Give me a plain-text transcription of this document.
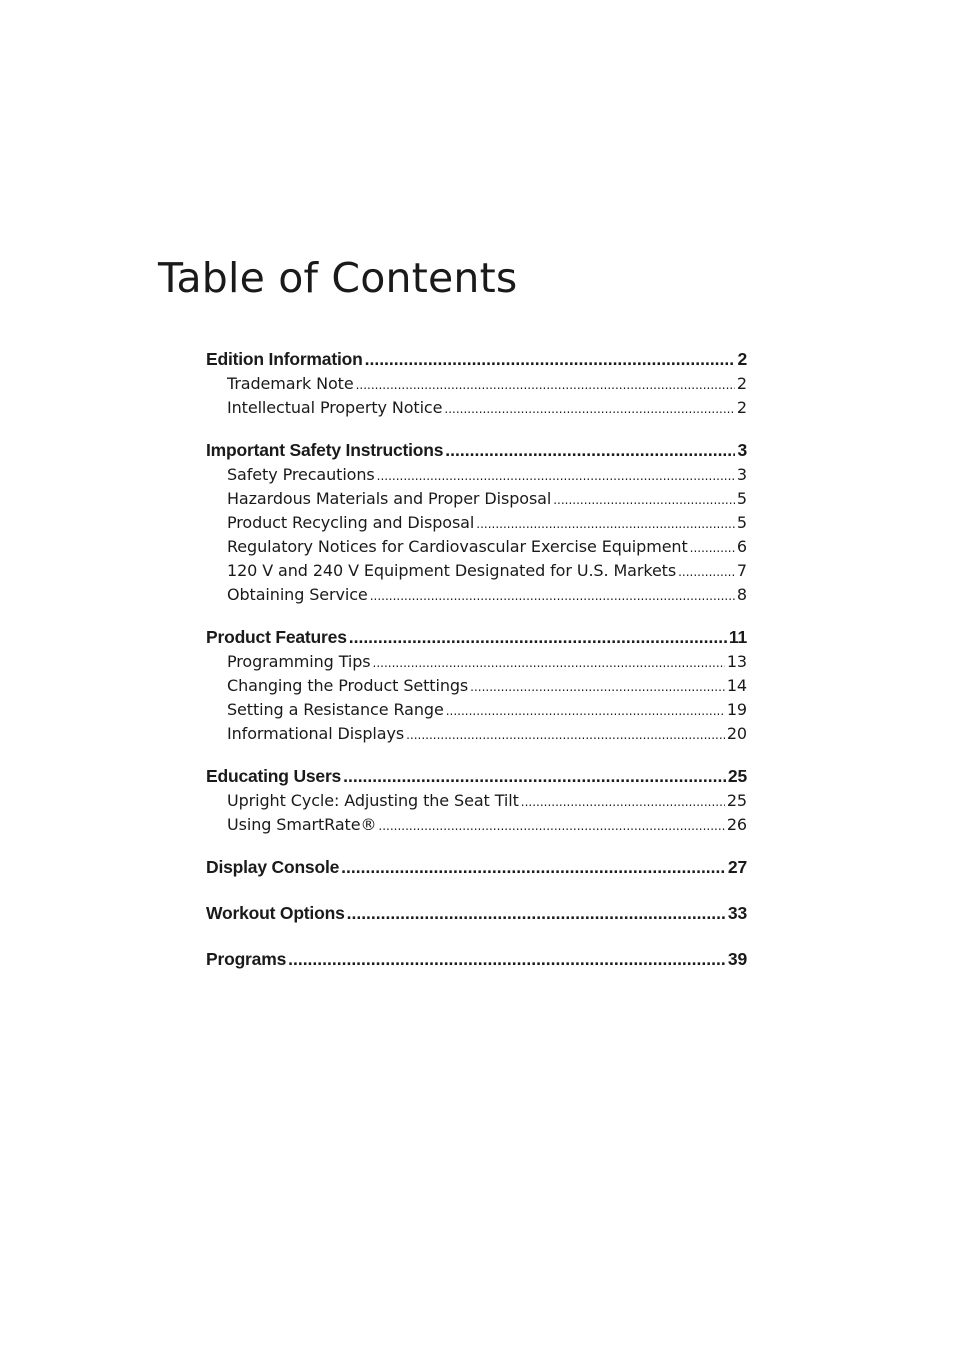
Table of Contents
Edition Information .....	2
Trademark Note .....	2
Intellectual Property Notice .....	2
Important Safety Instructions .....	3
Safety Precautions .....	3
Hazardous Materials and Proper Disposal .....	5
Product Recycling and Disposal .....	5
Regulatory Notices for Cardiovascular Exercise Equipment .....	6
120 V and 240 V Equipment Designated for U.S. Markets .....	7
Obtaining Service .....	8
Product Features .....	11
Programming Tips .....	13
Changing the Product Settings .....	14
Setting a Resistance Range .....	19
Informational Displays .....	20
Educating Users .....	25
Upright Cycle: Adjusting the Seat Tilt .....	25
Using SmartRate® .....	26
Display Console .....	27
Workout Options .....	33
Programs .....	39
